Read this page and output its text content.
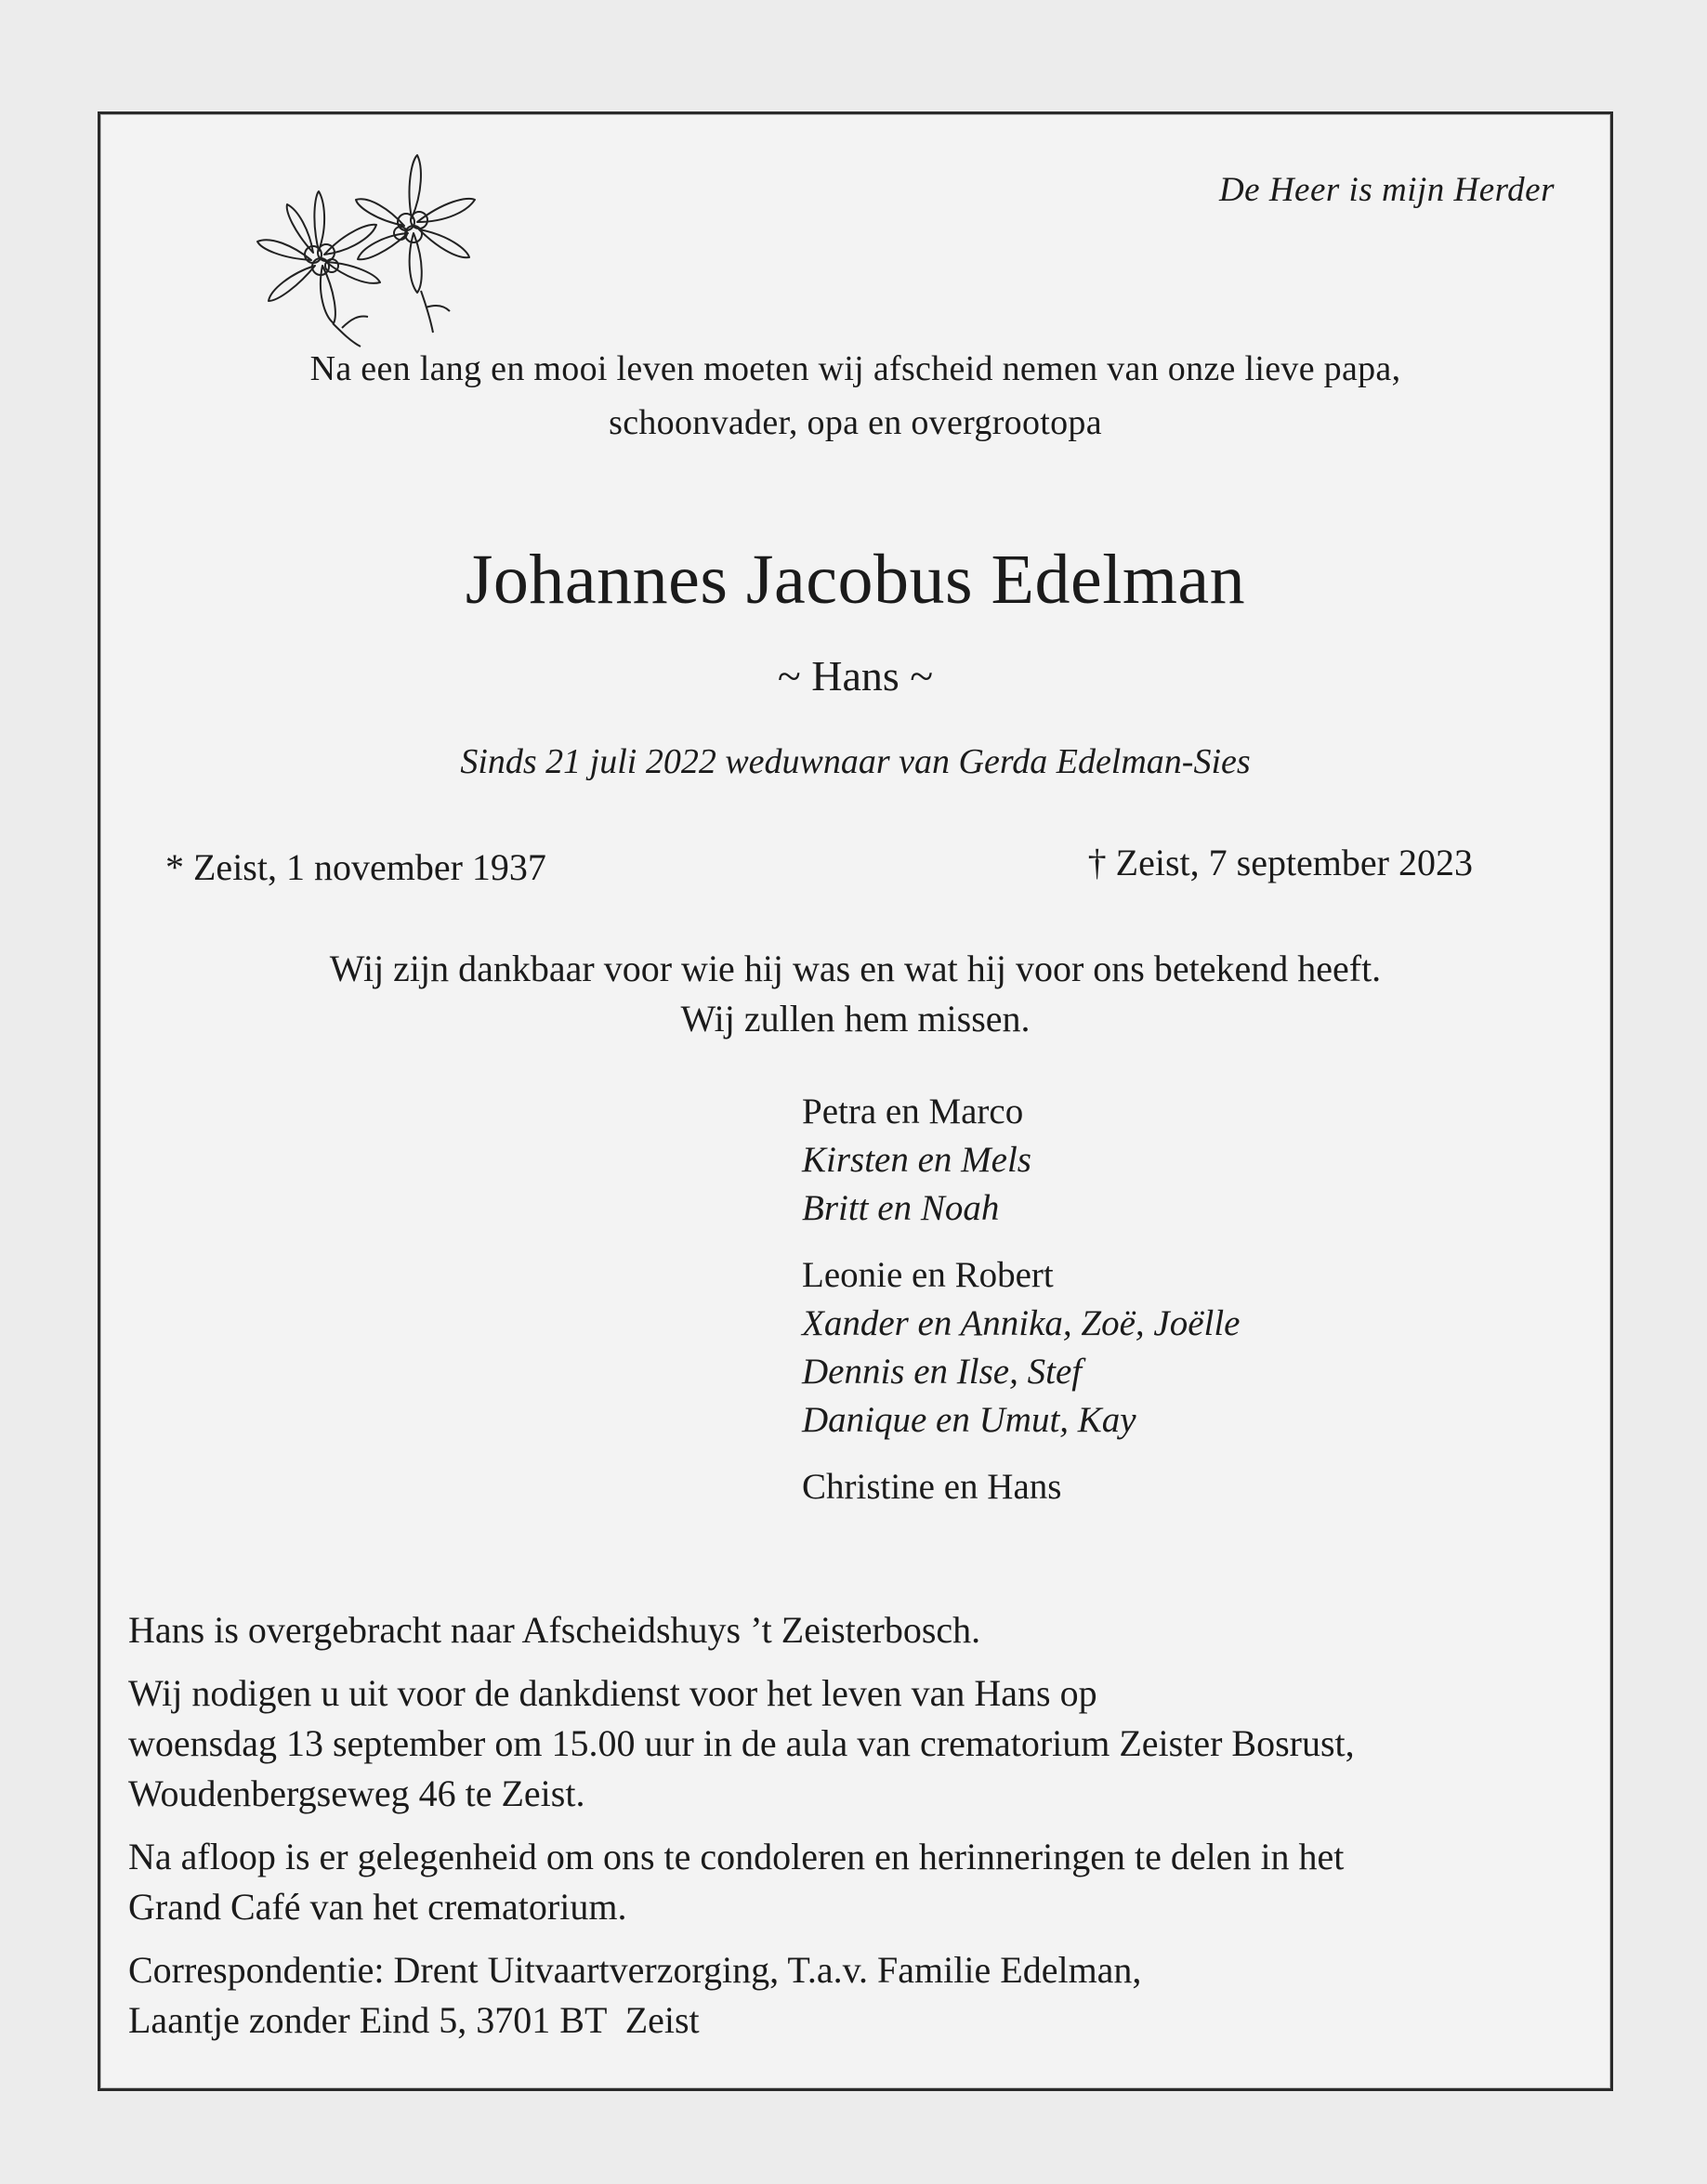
De Heer is mijn Herder
Na een lang en mooi leven moeten wij afscheid nemen van onze lieve papa,
schoonvader, opa en overgrootopa
Johannes Jacobus Edelman
~ Hans ~
Sinds 21 juli 2022 weduwnaar van Gerda Edelman-Sies
* Zeist, 1 november 1937	† Zeist, 7 september 2023
Wij zijn dankbaar voor wie hij was en wat hij voor ons betekend heeft.
Wij zullen hem missen.
Petra en Marco
Kirsten en Mels
Britt en Noah
Leonie en Robert
Xander en Annika, Zoë, Joëlle
Dennis en Ilse, Stef
Danique en Umut, Kay
Christine en Hans
Hans is overgebracht naar Afscheidshuys ’t Zeisterbosch.
Wij nodigen u uit voor de dankdienst voor het leven van Hans op
woensdag 13 september om 15.00 uur in de aula van crematorium Zeister Bosrust,
Woudenbergseweg 46 te Zeist.
Na afloop is er gelegenheid om ons te condoleren en herinneringen te delen in het
Grand Café van het crematorium.
Correspondentie: Drent Uitvaartverzorging, T.a.v. Familie Edelman,
Laantje zonder Eind 5, 3701 BT  Zeist
